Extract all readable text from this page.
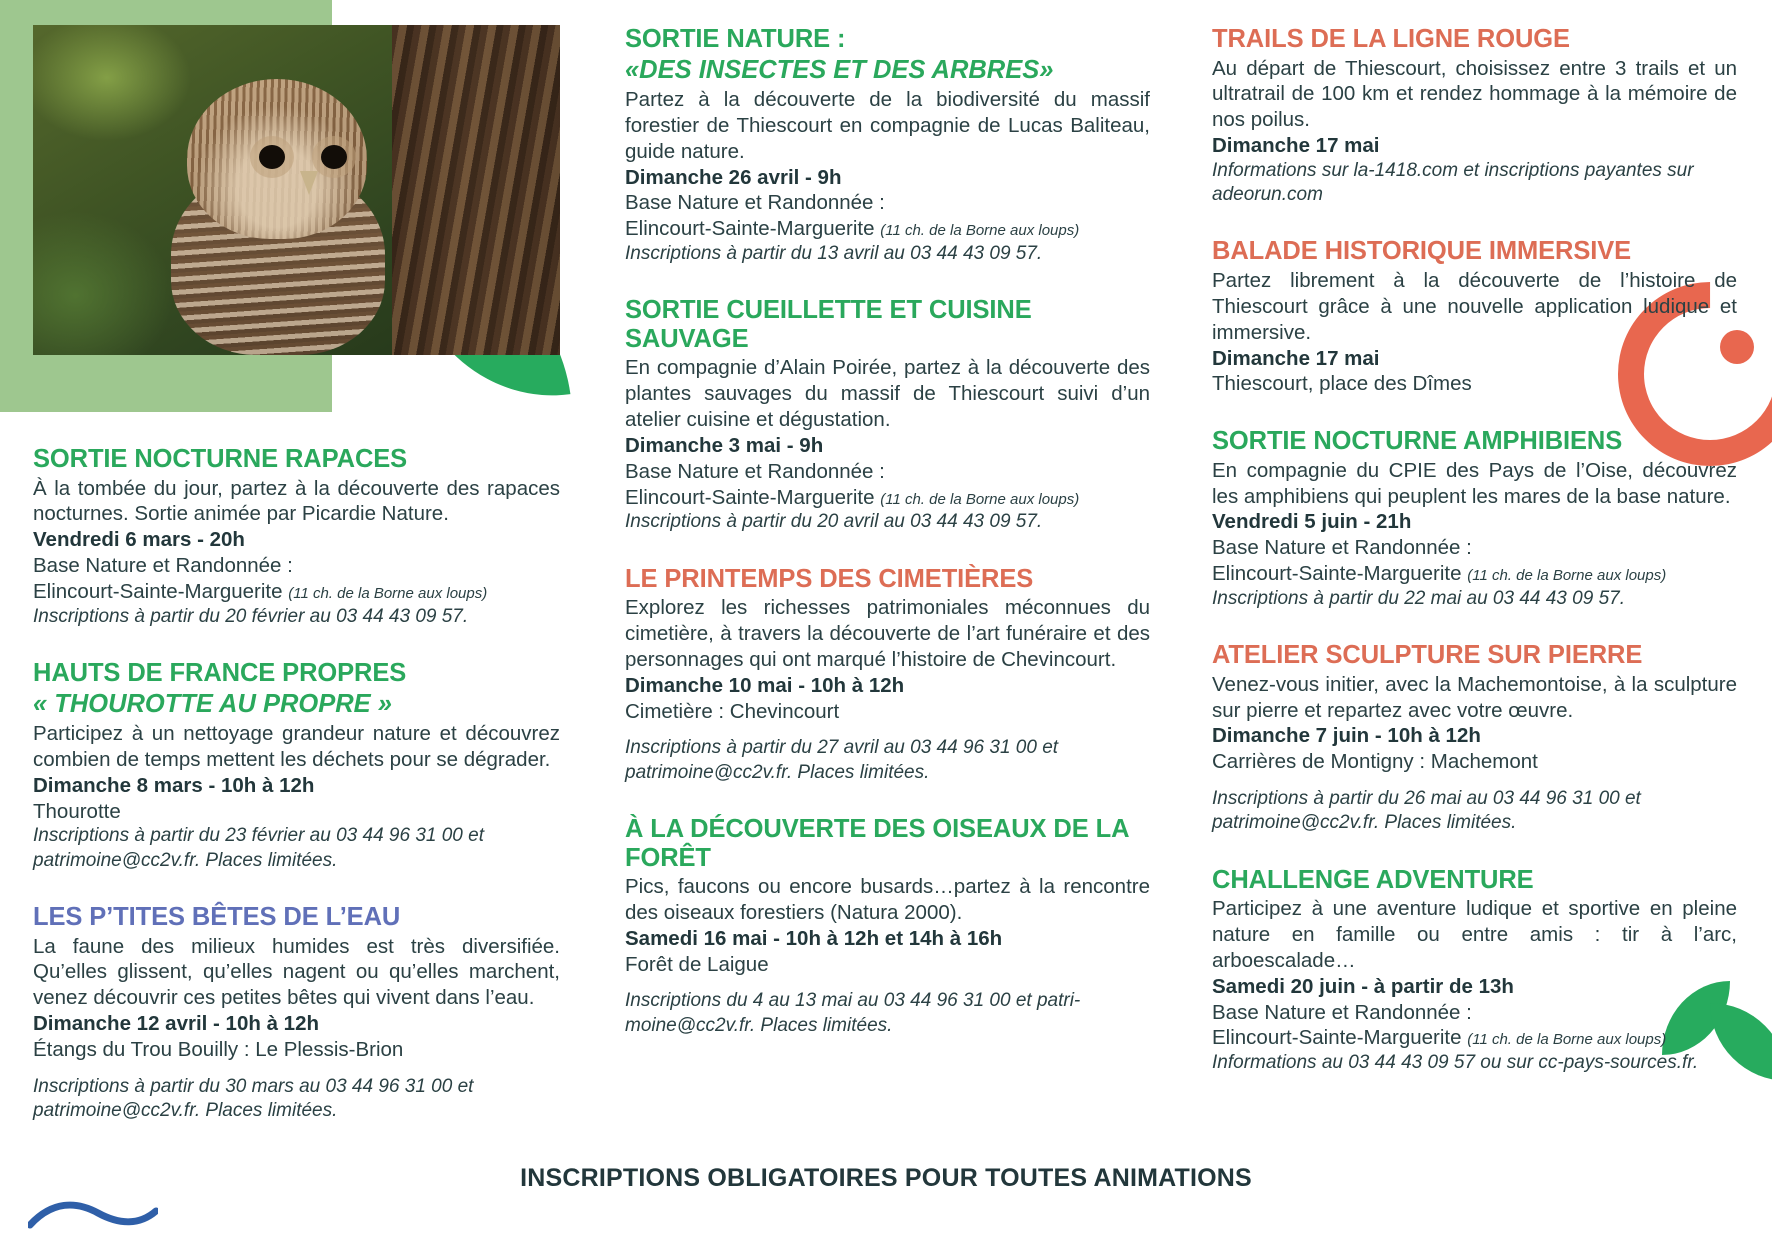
SORTIE NOCTURNE RAPACES

À la tombée du jour, partez à la découverte des rapaces nocturnes. Sortie animée par Picardie Nature.

Vendredi 6 mars - 20h

Base Nature et Randonnée :

Elincourt-Sainte-Marguerite (11 ch. de la Borne aux loups)

Inscriptions à partir du 20 février au 03 44 43 09 57.

HAUTS DE FRANCE PROPRES

« THOUROTTE AU PROPRE »

Participez à un nettoyage grandeur nature et découvrez combien de temps mettent les déchets pour se dégrader.

Dimanche 8 mars - 10h à 12h

Thourotte

Inscriptions à partir du 23 février au 03 44 96 31 00 et patrimoine@cc2v.fr. Places limitées.

LES P’TITES BÊTES DE L’EAU

La faune des milieux humides est très diversifiée. Qu’elles glissent, qu’elles nagent ou qu’elles marchent, venez découvrir ces petites bêtes qui vivent dans l’eau.

Dimanche 12 avril - 10h à 12h

Étangs du Trou Bouilly : Le Plessis-Brion

Inscriptions à partir du 30 mars au 03 44 96 31 00 et patrimoine@cc2v.fr. Places limitées.

SORTIE NATURE :

«DES INSECTES ET DES ARBRES»

Partez à la découverte de la biodiversité du massif forestier de Thiescourt en compagnie de Lucas Baliteau, guide nature.

Dimanche 26 avril - 9h

Base Nature et Randonnée :

Elincourt-Sainte-Marguerite (11 ch. de la Borne aux loups)

Inscriptions à partir du 13 avril au 03 44 43 09 57.

SORTIE CUEILLETTE ET CUISINE SAUVAGE

En compagnie d’Alain Poirée, partez à la découverte des plantes sauvages du massif de Thiescourt suivi d’un atelier cuisine et dégustation.

Dimanche 3 mai - 9h

Base Nature et Randonnée :

Elincourt-Sainte-Marguerite (11 ch. de la Borne aux loups)

Inscriptions à partir du 20 avril au 03 44 43 09 57.

LE PRINTEMPS DES CIMETIÈRES

Explorez les richesses patrimoniales méconnues du cimetière, à travers la découverte de l’art funéraire et des personnages qui ont marqué l’histoire de Chevincourt.

Dimanche 10 mai - 10h à 12h

Cimetière : Chevincourt

Inscriptions à partir du 27 avril au 03 44 96 31 00 et patrimoine@cc2v.fr. Places limitées.

À LA DÉCOUVERTE DES OISEAUX DE LA FORÊT

Pics, faucons ou encore busards…partez à la rencontre des oiseaux forestiers (Natura 2000).

Samedi 16 mai - 10h à 12h et 14h à 16h

Forêt de Laigue

Inscriptions du 4 au 13 mai au 03 44 96 31 00 et patri-moine@cc2v.fr. Places limitées.

TRAILS DE LA LIGNE ROUGE

Au départ de Thiescourt, choisissez entre 3 trails et un ultratrail de 100 km et rendez hommage à la mémoire de nos poilus.

Dimanche 17 mai

Informations sur la-1418.com et inscriptions payantes sur adeorun.com

BALADE HISTORIQUE IMMERSIVE

Partez librement à la découverte de l’histoire de Thiescourt grâce à une nouvelle application ludique et immersive.

Dimanche 17 mai

Thiescourt, place des Dîmes

SORTIE NOCTURNE AMPHIBIENS

En compagnie du CPIE des Pays de l’Oise, découvrez les amphibiens qui peuplent les mares de la base nature.

Vendredi 5 juin - 21h

Base Nature et Randonnée :

Elincourt-Sainte-Marguerite (11 ch. de la Borne aux loups)

Inscriptions à partir du 22 mai au 03 44 43 09 57.

ATELIER SCULPTURE SUR PIERRE

Venez-vous initier, avec la Machemontoise, à la sculpture sur pierre et repartez avec votre œuvre.

Dimanche 7 juin - 10h à 12h

Carrières de Montigny : Machemont

Inscriptions à partir du 26 mai au 03 44 96 31 00 et patrimoine@cc2v.fr. Places limitées.

CHALLENGE ADVENTURE

Participez à une aventure ludique et sportive en pleine nature en famille ou entre amis : tir à l’arc, arboescalade…

Samedi 20 juin - à partir de 13h

Base Nature et Randonnée :

Elincourt-Sainte-Marguerite (11 ch. de la Borne aux loups)

Informations au 03 44 43 09 57 ou sur cc-pays-sources.fr.

INSCRIPTIONS OBLIGATOIRES POUR TOUTES ANIMATIONS
